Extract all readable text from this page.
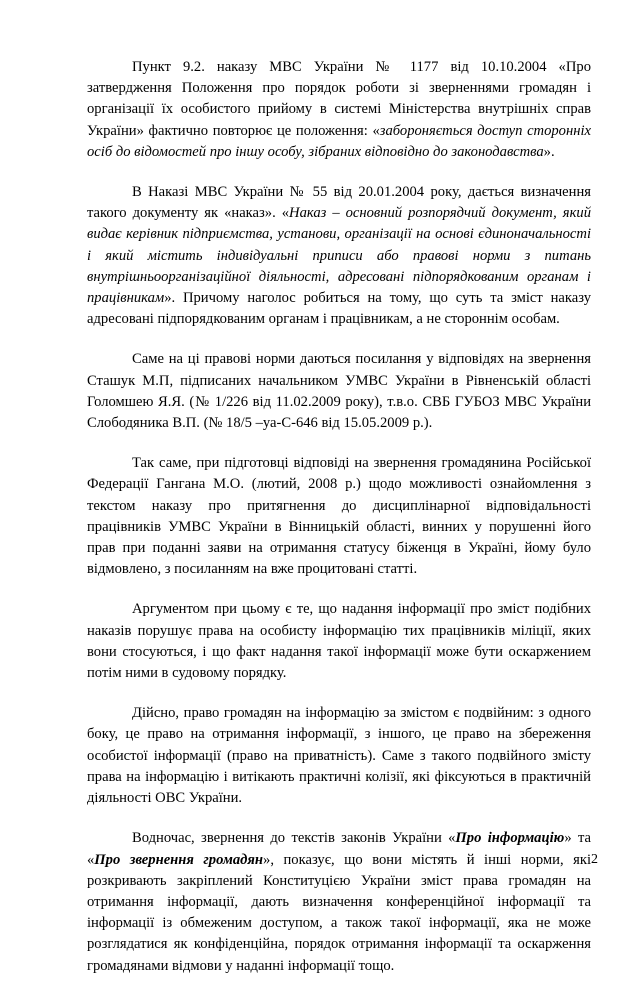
Пункт 9.2. наказу МВС України № 1177 від 10.10.2004 «Про затвердження Положення про порядок роботи зі зверненнями громадян і організації їх особистого прийому в системі Міністерства внутрішніх справ України» фактично повторює це положення: «забороняється доступ сторонніх осіб до відомостей про іншу особу, зібраних відповідно до законодавства».

В Наказі МВС України № 55 від 20.01.2004 року, дається визначення такого документу як «наказ». «Наказ – основний розпорядчий документ, який видає керівник підприємства, установи, організації на основі єдиноначальності і який містить індивідуальні приписи або правові норми з питань внутрішньоорганізаційної діяльності, адресовані підпорядкованим органам і працівникам». Причому наголос робиться на тому, що суть та зміст наказу адресовані підпорядкованим органам і працівникам, а не стороннім особам.

Саме на ці правові норми даються посилання у відповідях на звернення Сташук М.П, підписаних начальником УМВС України в Рівненській області Голомшею Я.Я. (№ 1/226 від 11.02.2009 року), т.в.о. СВБ ГУБОЗ МВС України Слободяника В.П. (№ 18/5 –уа-С-646 від 15.05.2009 р.).

Так саме, при підготовці відповіді на звернення громадянина Російської Федерації Гангана М.О. (лютий, 2008 р.) щодо можливості ознайомлення з текстом наказу про притягнення до дисциплінарної відповідальності працівників УМВС України в Вінницькій області, винних у порушенні його прав при поданні заяви на отримання статусу біженця в Україні, йому було відмовлено, з посиланням на вже процитовані статті.

Аргументом при цьому є те, що надання інформації про зміст подібних наказів порушує права на особисту інформацію тих працівників міліції, яких вони стосуються, і що факт надання такої інформації може бути оскаржением потім ними в судовому порядку.

Дійсно, право громадян на інформацію за змістом є подвійним: з одного боку, це право на отримання інформації, з іншого, це право на збереження особистої інформації (право на приватність). Саме з такого подвійного змісту права на інформацію і витікають практичні колізії, які фіксуються в практичній діяльності ОВС України.

Водночас, звернення до текстів законів України «Про інформацію» та «Про звернення громадян», показує, що вони містять й інші норми, які розкривають закріплений Конституцією України зміст права громадян на отримання інформації, дають визначення конференційної інформації та інформації із обмеженим доступом, а також такої інформації, яка не може розглядатися як конфіденційна, порядок отримання інформації та оскарження громадянами відмови у наданні інформації тощо.

2
